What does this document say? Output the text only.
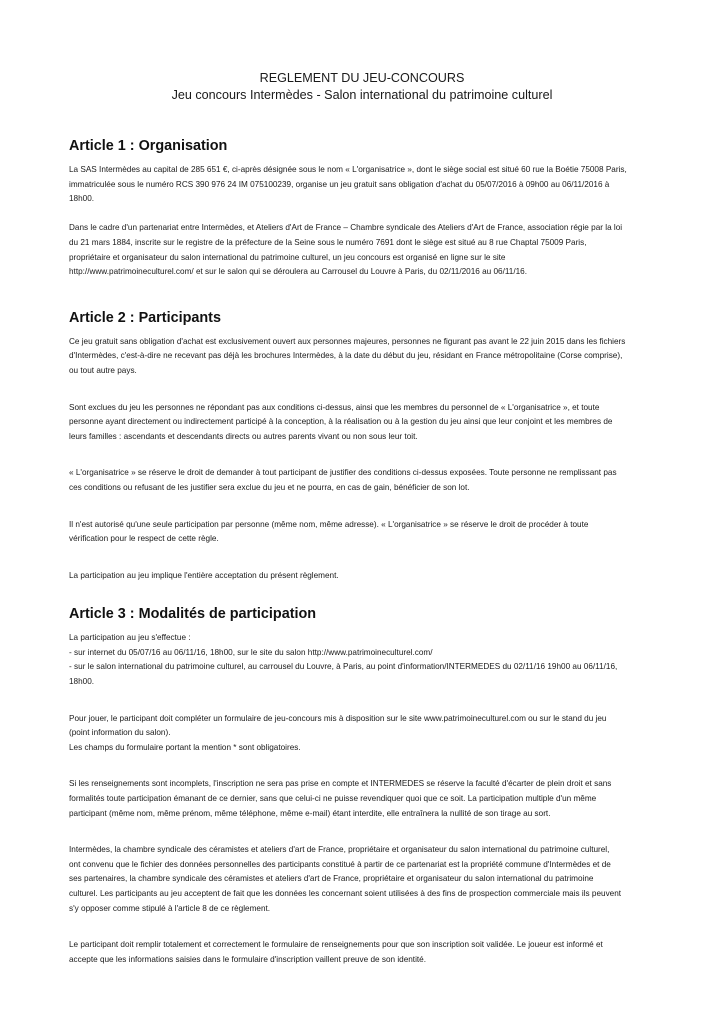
REGLEMENT DU JEU-CONCOURS
Jeu concours Intermèdes - Salon international du patrimoine culturel
Article 1 : Organisation
La SAS Intermèdes au capital de 285 651 €, ci-après désignée sous le nom « L'organisatrice », dont le siège social est situé 60 rue la Boétie 75008 Paris,
immatriculée sous le numéro RCS 390 976 24 IM 075100239, organise un jeu gratuit sans obligation d'achat du 05/07/2016 à 09h00 au 06/11/2016 à
18h00.
Dans le cadre d'un partenariat entre Intermèdes, et Ateliers d'Art de France – Chambre syndicale des Ateliers d'Art de France, association régie par la loi
du 21 mars 1884, inscrite sur le registre de la préfecture de la Seine sous le numéro 7691 dont le siège est situé au 8 rue Chaptal 75009 Paris,
propriétaire et organisateur du salon international du patrimoine culturel, un jeu concours est organisé en ligne sur le site
http://www.patrimoineculturel.com/ et sur le salon qui se déroulera au Carrousel du Louvre à Paris, du 02/11/2016 au 06/11/16.
Article 2 : Participants
Ce jeu gratuit sans obligation d'achat est exclusivement ouvert aux personnes majeures, personnes ne figurant pas avant le 22 juin 2015 dans les fichiers
d'Intermèdes, c'est-à-dire ne recevant pas déjà les brochures Intermèdes, à la date du début du jeu, résidant en France métropolitaine (Corse comprise),
ou tout autre pays.
Sont exclues du jeu les personnes ne répondant pas aux conditions ci-dessus, ainsi que les membres du personnel de « L'organisatrice », et toute
personne ayant directement ou indirectement participé à la conception, à la réalisation ou à la gestion du jeu ainsi que leur conjoint et les membres de
leurs familles : ascendants et descendants directs ou autres parents vivant ou non sous leur toit.
« L'organisatrice » se réserve le droit de demander à tout participant de justifier des conditions ci-dessus exposées. Toute personne ne remplissant pas
ces conditions ou refusant de les justifier sera exclue du jeu et ne pourra, en cas de gain, bénéficier de son lot.
Il n'est autorisé qu'une seule participation par personne (même nom, même adresse). « L'organisatrice » se réserve le droit de procéder à toute
vérification pour le respect de cette règle.
La participation au jeu implique l'entière acceptation du présent règlement.
Article 3 : Modalités de participation
La participation au jeu s'effectue :
- sur internet du 05/07/16 au 06/11/16, 18h00, sur le site du salon http://www.patrimoineculturel.com/
- sur le salon international du patrimoine culturel, au carrousel du Louvre, à Paris, au point d'information/INTERMEDES du 02/11/16 19h00 au 06/11/16,
18h00.
Pour jouer, le participant doit compléter un formulaire de jeu-concours mis à disposition sur le site www.patrimoineculturel.com ou sur le stand du jeu
(point information du salon).
Les champs du formulaire portant la mention * sont obligatoires.
Si les renseignements sont incomplets, l'inscription ne sera pas prise en compte et INTERMEDES se réserve la faculté d'écarter de plein droit et sans
formalités toute participation émanant de ce dernier, sans que celui-ci ne puisse revendiquer quoi que ce soit. La participation multiple d'un même
participant (même nom, même prénom, même téléphone, même e-mail) étant interdite, elle entraînera la nullité de son tirage au sort.
Intermèdes, la chambre syndicale des céramistes et ateliers d'art de France, propriétaire et organisateur du salon international du patrimoine culturel,
ont convenu que le fichier des données personnelles des participants constitué à partir de ce partenariat est la propriété commune d'Intermèdes et de
ses partenaires, la chambre syndicale des céramistes et ateliers d'art de France, propriétaire et organisateur du salon international du patrimoine
culturel. Les participants au jeu acceptent de fait que les données les concernant soient utilisées à des fins de prospection commerciale mais ils peuvent
s'y opposer comme stipulé à l'article 8 de ce règlement.
Le participant doit remplir totalement et correctement le formulaire de renseignements pour que son inscription soit validée. Le joueur est informé et
accepte que les informations saisies dans le formulaire d'inscription vaillent preuve de son identité.
